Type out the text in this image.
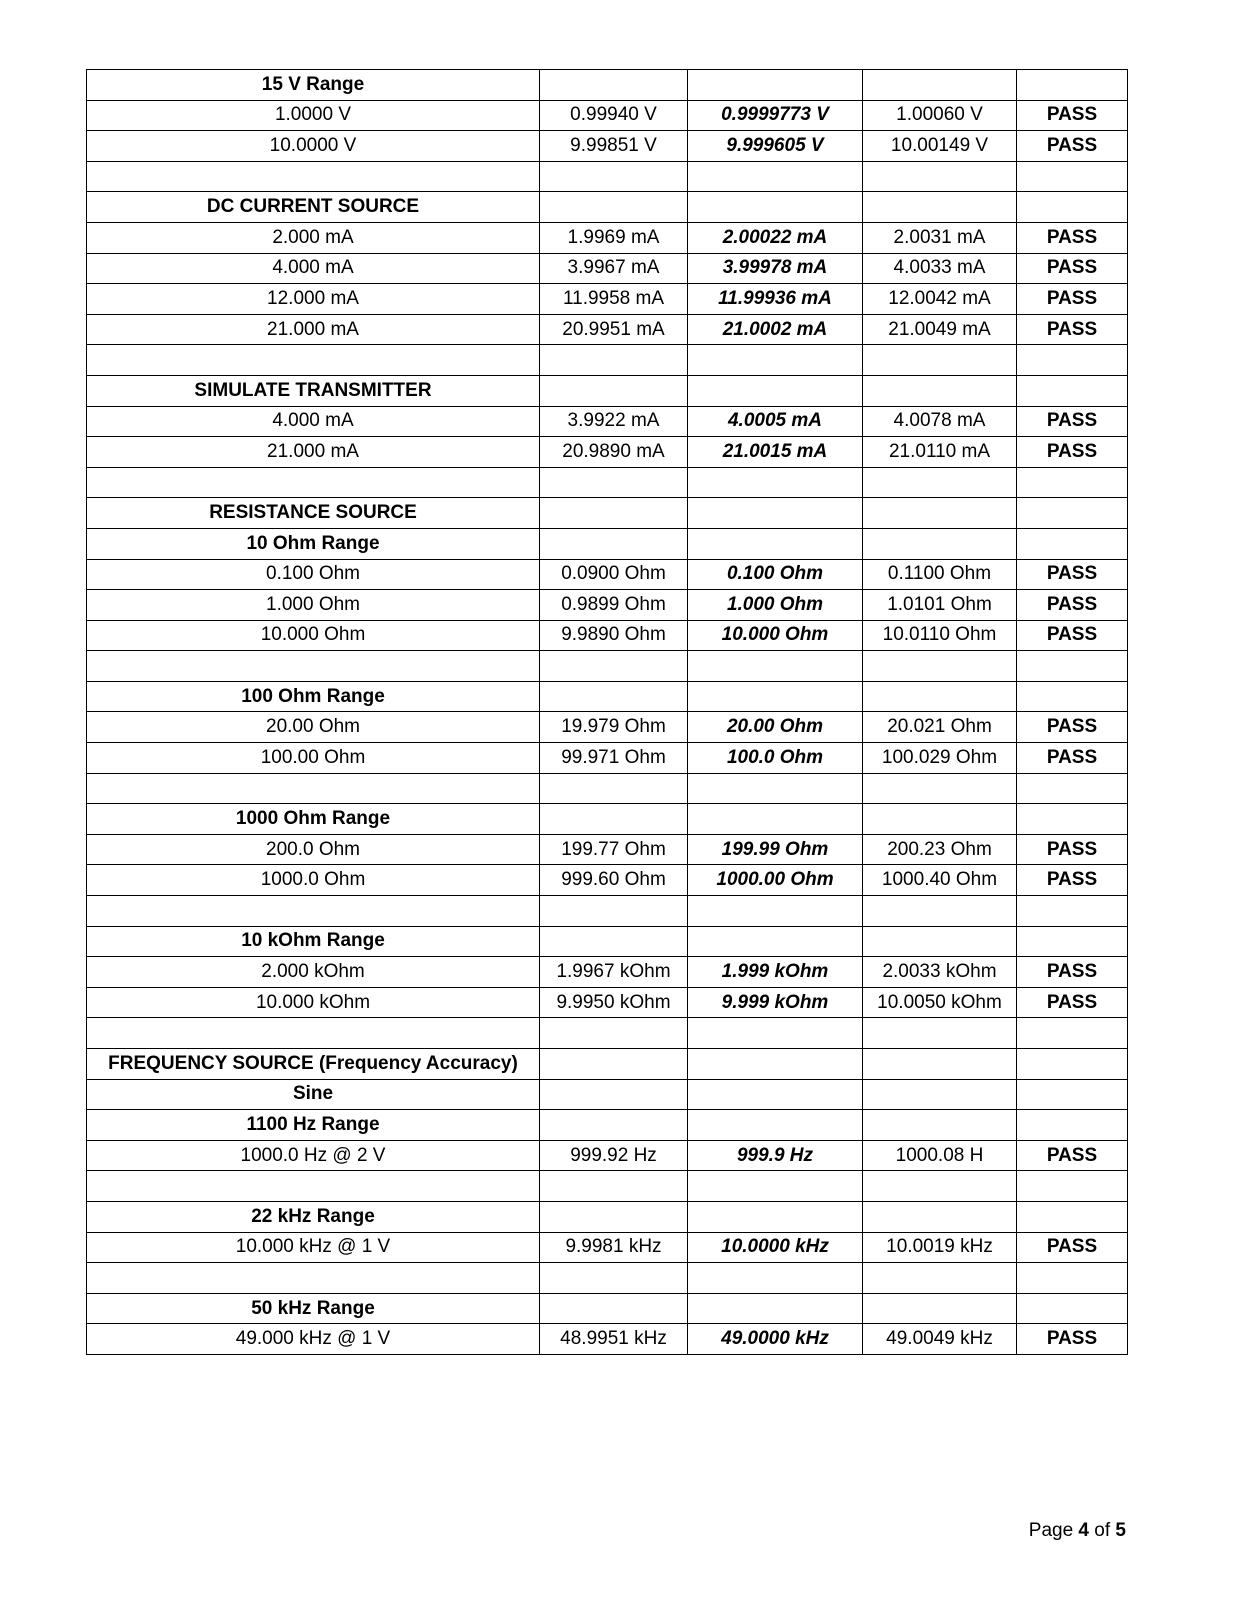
15 V Range				
1.0000 V	0.99940 V	0.9999773 V	1.00060 V	PASS
10.0000 V	9.99851 V	9.999605 V	10.00149 V	PASS

DC CURRENT SOURCE				
2.000 mA	1.9969 mA	2.00022 mA	2.0031 mA	PASS
4.000 mA	3.9967 mA	3.99978 mA	4.0033 mA	PASS
12.000 mA	11.9958 mA	11.99936 mA	12.0042 mA	PASS
21.000 mA	20.9951 mA	21.0002 mA	21.0049 mA	PASS

SIMULATE TRANSMITTER				
4.000 mA	3.9922 mA	4.0005 mA	4.0078 mA	PASS
21.000 mA	20.9890 mA	21.0015 mA	21.0110 mA	PASS

RESISTANCE SOURCE				
10 Ohm Range				
0.100 Ohm	0.0900 Ohm	0.100 Ohm	0.1100 Ohm	PASS
1.000 Ohm	0.9899 Ohm	1.000 Ohm	1.0101 Ohm	PASS
10.000 Ohm	9.9890 Ohm	10.000 Ohm	10.0110 Ohm	PASS

100 Ohm Range				
20.00 Ohm	19.979 Ohm	20.00 Ohm	20.021 Ohm	PASS
100.00 Ohm	99.971 Ohm	100.0 Ohm	100.029 Ohm	PASS

1000 Ohm Range				
200.0 Ohm	199.77 Ohm	199.99 Ohm	200.23 Ohm	PASS
1000.0 Ohm	999.60 Ohm	1000.00 Ohm	1000.40 Ohm	PASS

10 kOhm Range				
2.000 kOhm	1.9967 kOhm	1.999 kOhm	2.0033 kOhm	PASS
10.000 kOhm	9.9950 kOhm	9.999 kOhm	10.0050 kOhm	PASS

FREQUENCY SOURCE (Frequency Accuracy)				
Sine				
1100 Hz Range				
1000.0 Hz @ 2 V	999.92 Hz	999.9 Hz	1000.08 H	PASS

22 kHz Range				
10.000 kHz @ 1 V	9.9981 kHz	10.0000 kHz	10.0019 kHz	PASS

50 kHz Range				
49.000 kHz @ 1 V	48.9951 kHz	49.0000 kHz	49.0049 kHz	PASS
Page 4 of 5
